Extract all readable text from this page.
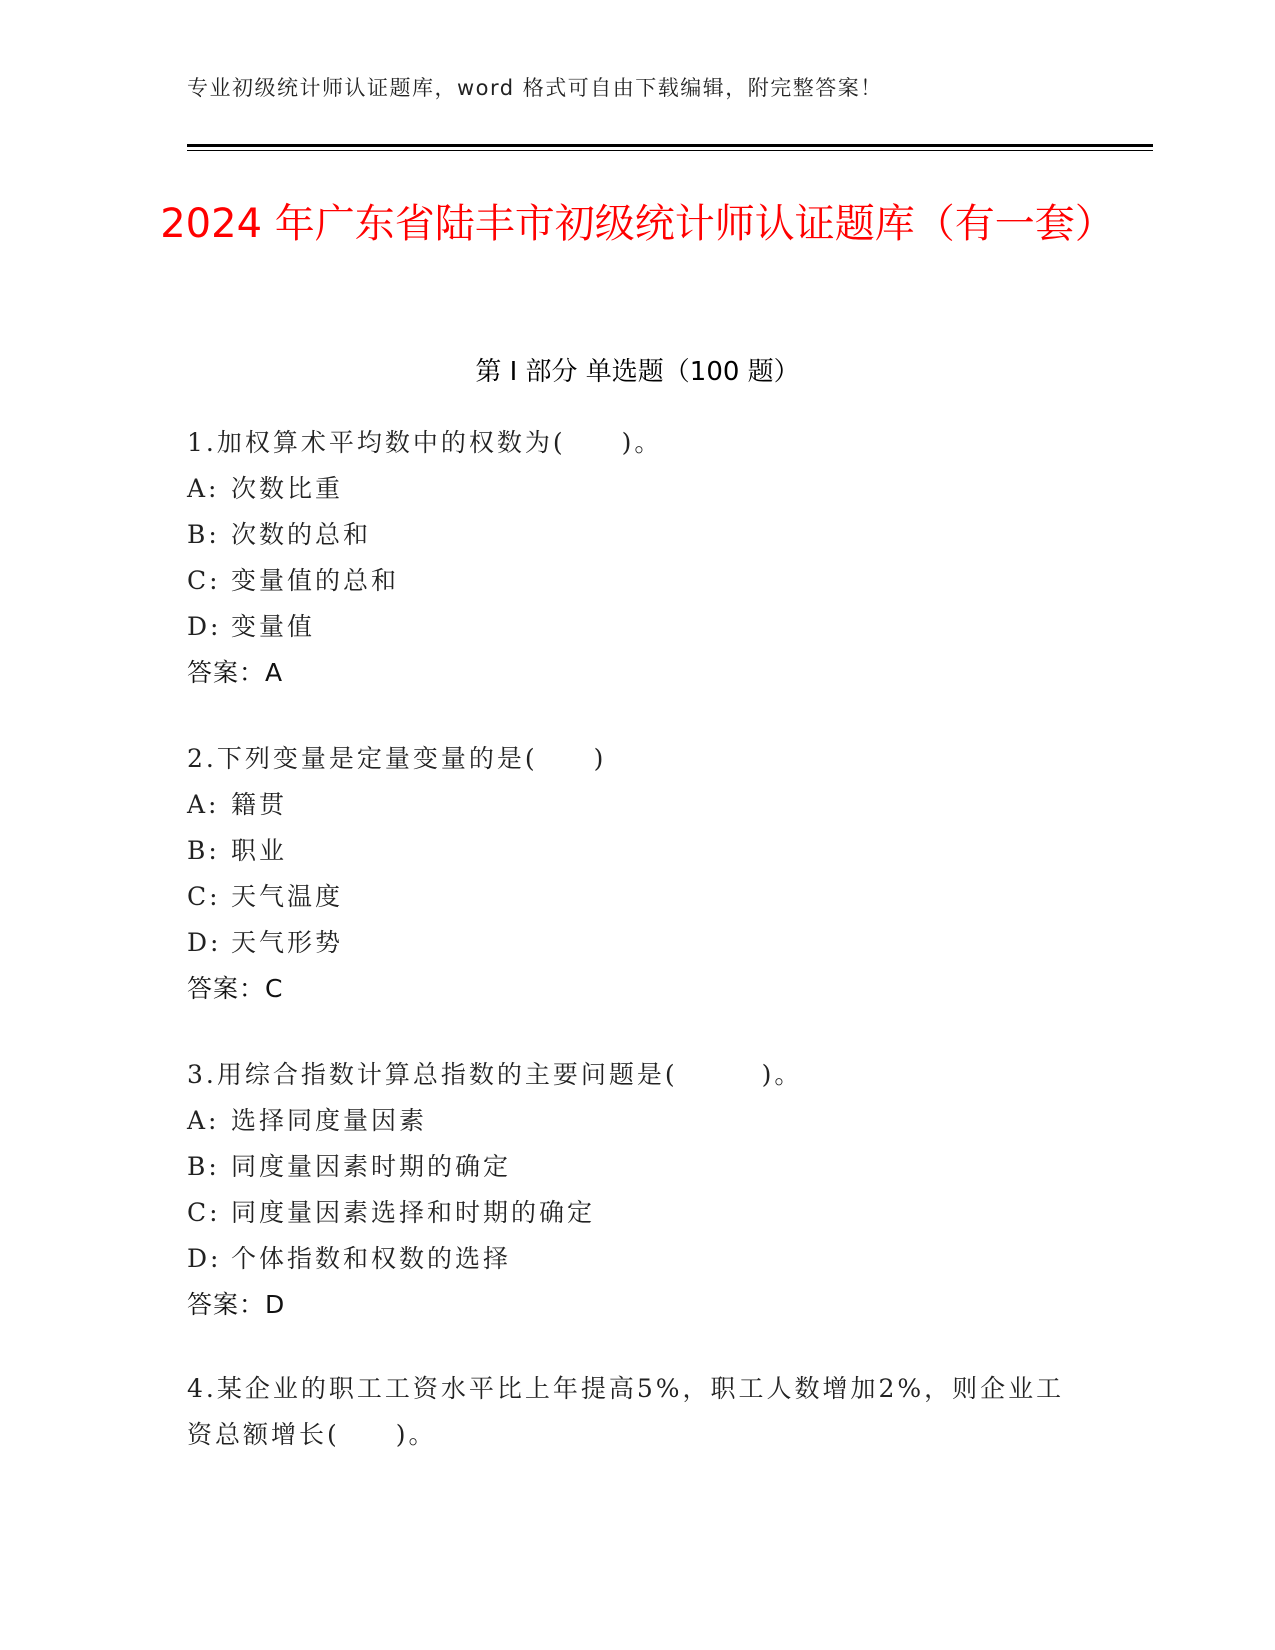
专业初级统计师认证题库，word 格式可自由下载编辑，附完整答案！
2024 年广东省陆丰市初级统计师认证题库（有一套）
第 I 部分 单选题（100 题）
1.加权算术平均数中的权数为(　　)。
A: 次数比重
B: 次数的总和
C: 变量值的总和
D: 变量值
答案：A
2.下列变量是定量变量的是(　　)
A: 籍贯
B: 职业
C: 天气温度
D: 天气形势
答案：C
3.用综合指数计算总指数的主要问题是(　　　)。
A: 选择同度量因素
B: 同度量因素时期的确定
C: 同度量因素选择和时期的确定
D: 个体指数和权数的选择
答案：D
4.某企业的职工工资水平比上年提高5%，职工人数增加2%，则企业工资总额增长(　　)。
